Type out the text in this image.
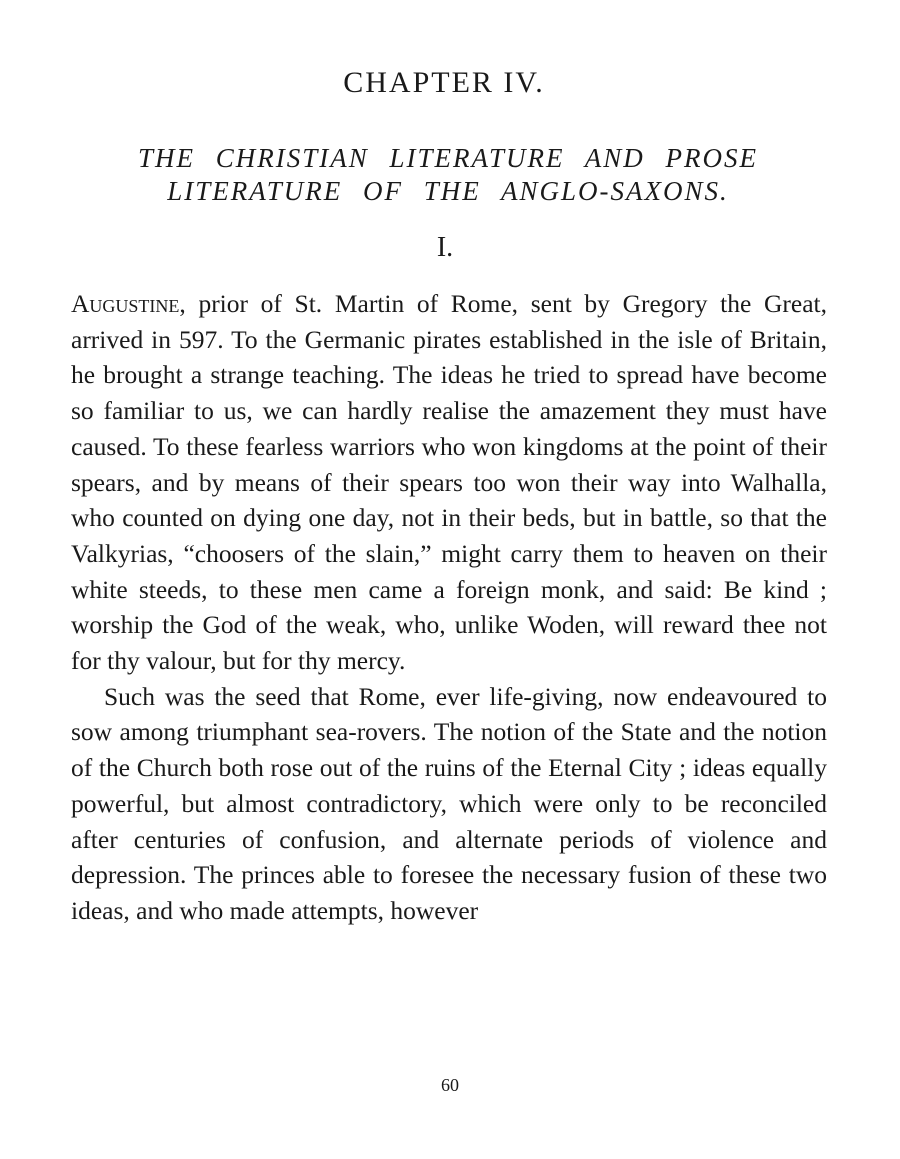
CHAPTER IV.
THE CHRISTIAN LITERATURE AND PROSE LITERATURE OF THE ANGLO-SAXONS.
I.

Augustine, prior of St. Martin of Rome, sent by Gregory the Great, arrived in 597. To the Germanic pirates established in the isle of Britain, he brought a strange teaching. The ideas he tried to spread have become so familiar to us, we can hardly realise the amazement they must have caused. To these fearless warriors who won kingdoms at the point of their spears, and by means of their spears too won their way into Walhalla, who counted on dying one day, not in their beds, but in battle, so that the Valkyrias, “choosers of the slain,” might carry them to heaven on their white steeds, to these men came a foreign monk, and said: Be kind ; worship the God of the weak, who, unlike Woden, will reward thee not for thy valour, but for thy mercy.

Such was the seed that Rome, ever life-giving, now endeavoured to sow among triumphant sea-rovers. The notion of the State and the notion of the Church both rose out of the ruins of the Eternal City ; ideas equally powerful, but almost contradictory, which were only to be reconciled after centuries of confusion, and alternate periods of violence and depression. The princes able to foresee the necessary fusion of these two ideas, and who made attempts, however

60
